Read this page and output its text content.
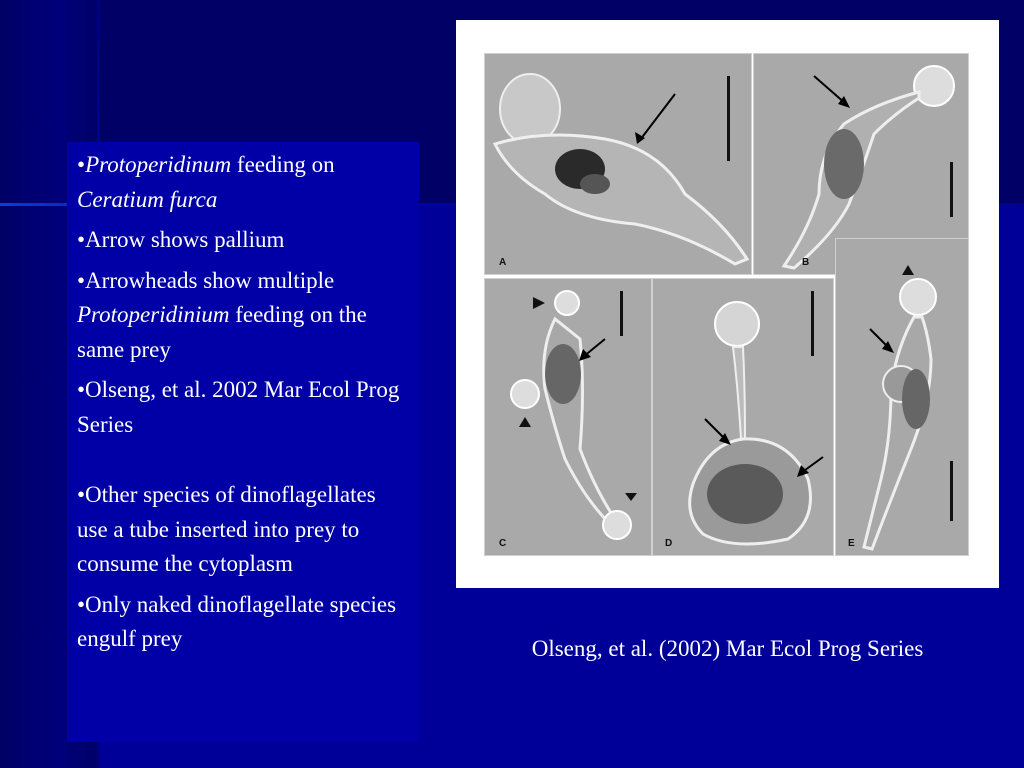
•Protoperidinum feeding on Ceratium furca
•Arrow shows pallium
•Arrowheads show multiple Protoperidinium feeding on the same prey
•Olseng, et al. 2002 Mar Ecol Prog Series
•Other species of dinoflagellates use a tube inserted into prey to consume the cytoplasm
•Only naked dinoflagellate species engulf prey
A	B
C	D	E
Olseng, et al. (2002) Mar Ecol Prog Series
